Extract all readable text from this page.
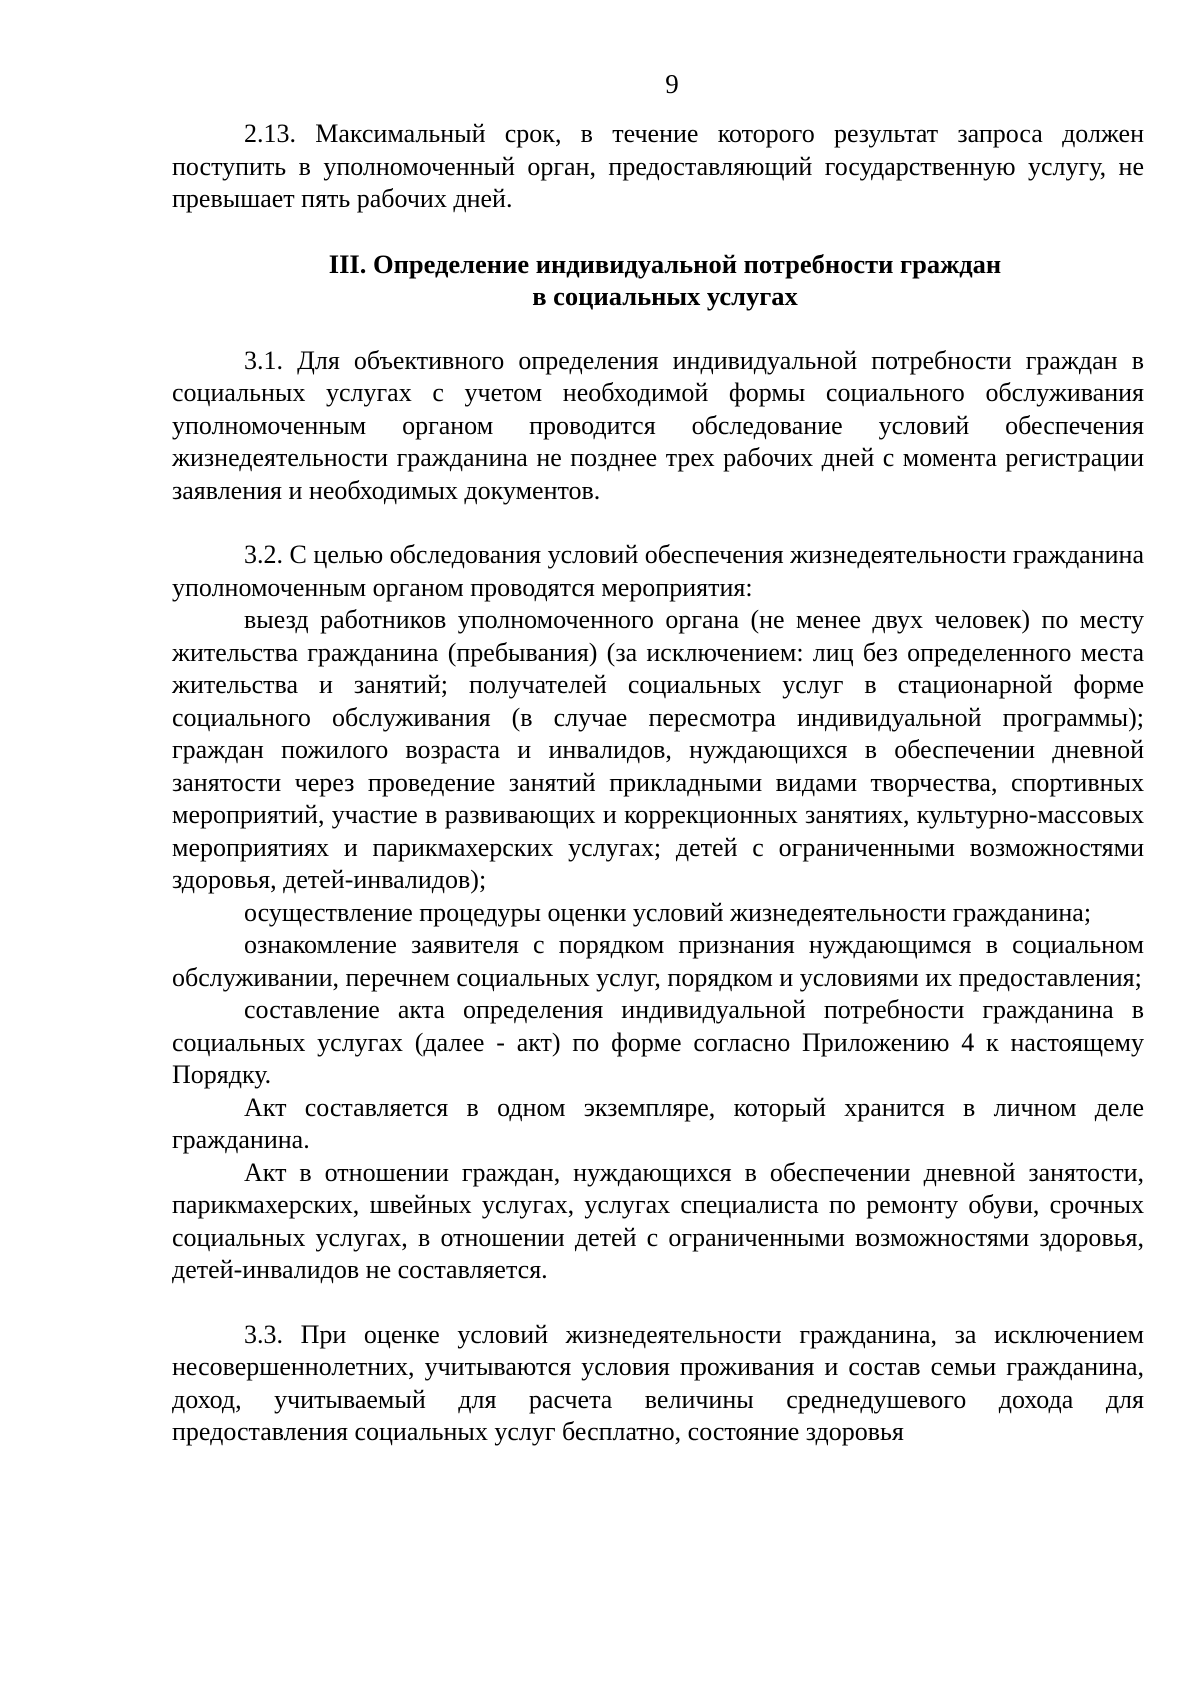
9

2.13. Максимальный срок, в течение которого результат запроса должен поступить в уполномоченный орган, предоставляющий государственную услугу, не превышает пять рабочих дней.

III. Определение индивидуальной потребности граждан
в социальных услугах

3.1. Для объективного определения индивидуальной потребности граждан в социальных услугах с учетом необходимой формы социального обслуживания уполномоченным органом проводится обследование условий обеспечения жизнедеятельности гражданина не позднее трех рабочих дней с момента регистрации заявления и необходимых документов.

3.2. С целью обследования условий обеспечения жизнедеятельности гражданина уполномоченным органом проводятся мероприятия:

выезд работников уполномоченного органа (не менее двух человек) по месту жительства гражданина (пребывания) (за исключением: лиц без определенного места жительства и занятий; получателей социальных услуг в стационарной форме социального обслуживания (в случае пересмотра индивидуальной программы); граждан пожилого возраста и инвалидов, нуждающихся в обеспечении дневной занятости через проведение занятий прикладными видами творчества, спортивных мероприятий, участие в развивающих и коррекционных занятиях, культурно-массовых мероприятиях и парикмахерских услугах; детей с ограниченными возможностями здоровья, детей-инвалидов);

осуществление процедуры оценки условий жизнедеятельности гражданина;

ознакомление заявителя с порядком признания нуждающимся в социальном обслуживании, перечнем социальных услуг, порядком и условиями их предоставления;

составление акта определения индивидуальной потребности гражданина в социальных услугах (далее - акт) по форме согласно Приложению 4 к настоящему Порядку.

Акт составляется в одном экземпляре, который хранится в личном деле гражданина.

Акт в отношении граждан, нуждающихся в обеспечении дневной занятости, парикмахерских, швейных услугах, услугах специалиста по ремонту обуви, срочных социальных услугах, в отношении детей с ограниченными возможностями здоровья, детей-инвалидов не составляется.

3.3. При оценке условий жизнедеятельности гражданина, за исключением несовершеннолетних, учитываются условия проживания и состав семьи гражданина, доход, учитываемый для расчета величины среднедушевого дохода для предоставления социальных услуг бесплатно, состояние здоровья
